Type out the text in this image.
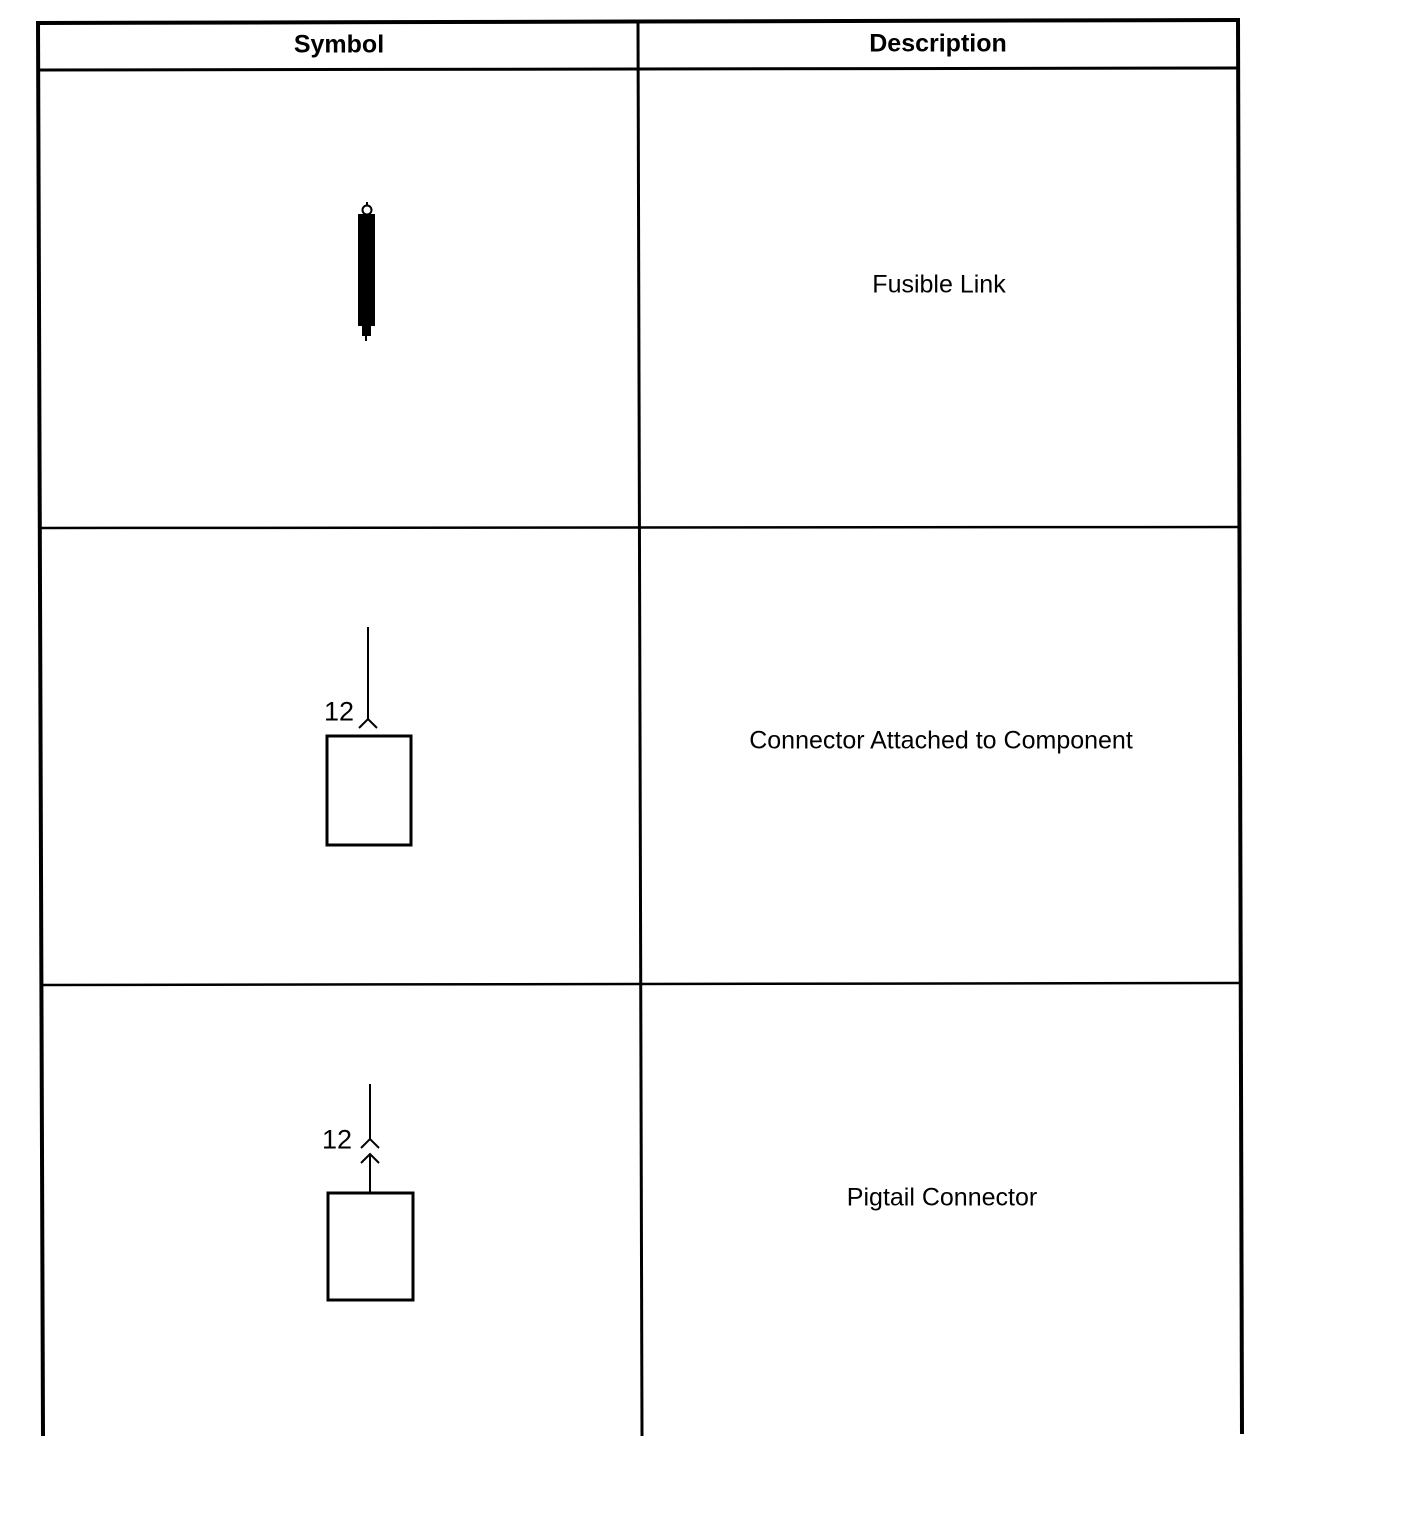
Symbol	Description
Fusible Link
12
Connector Attached to Component
12
Pigtail Connector
